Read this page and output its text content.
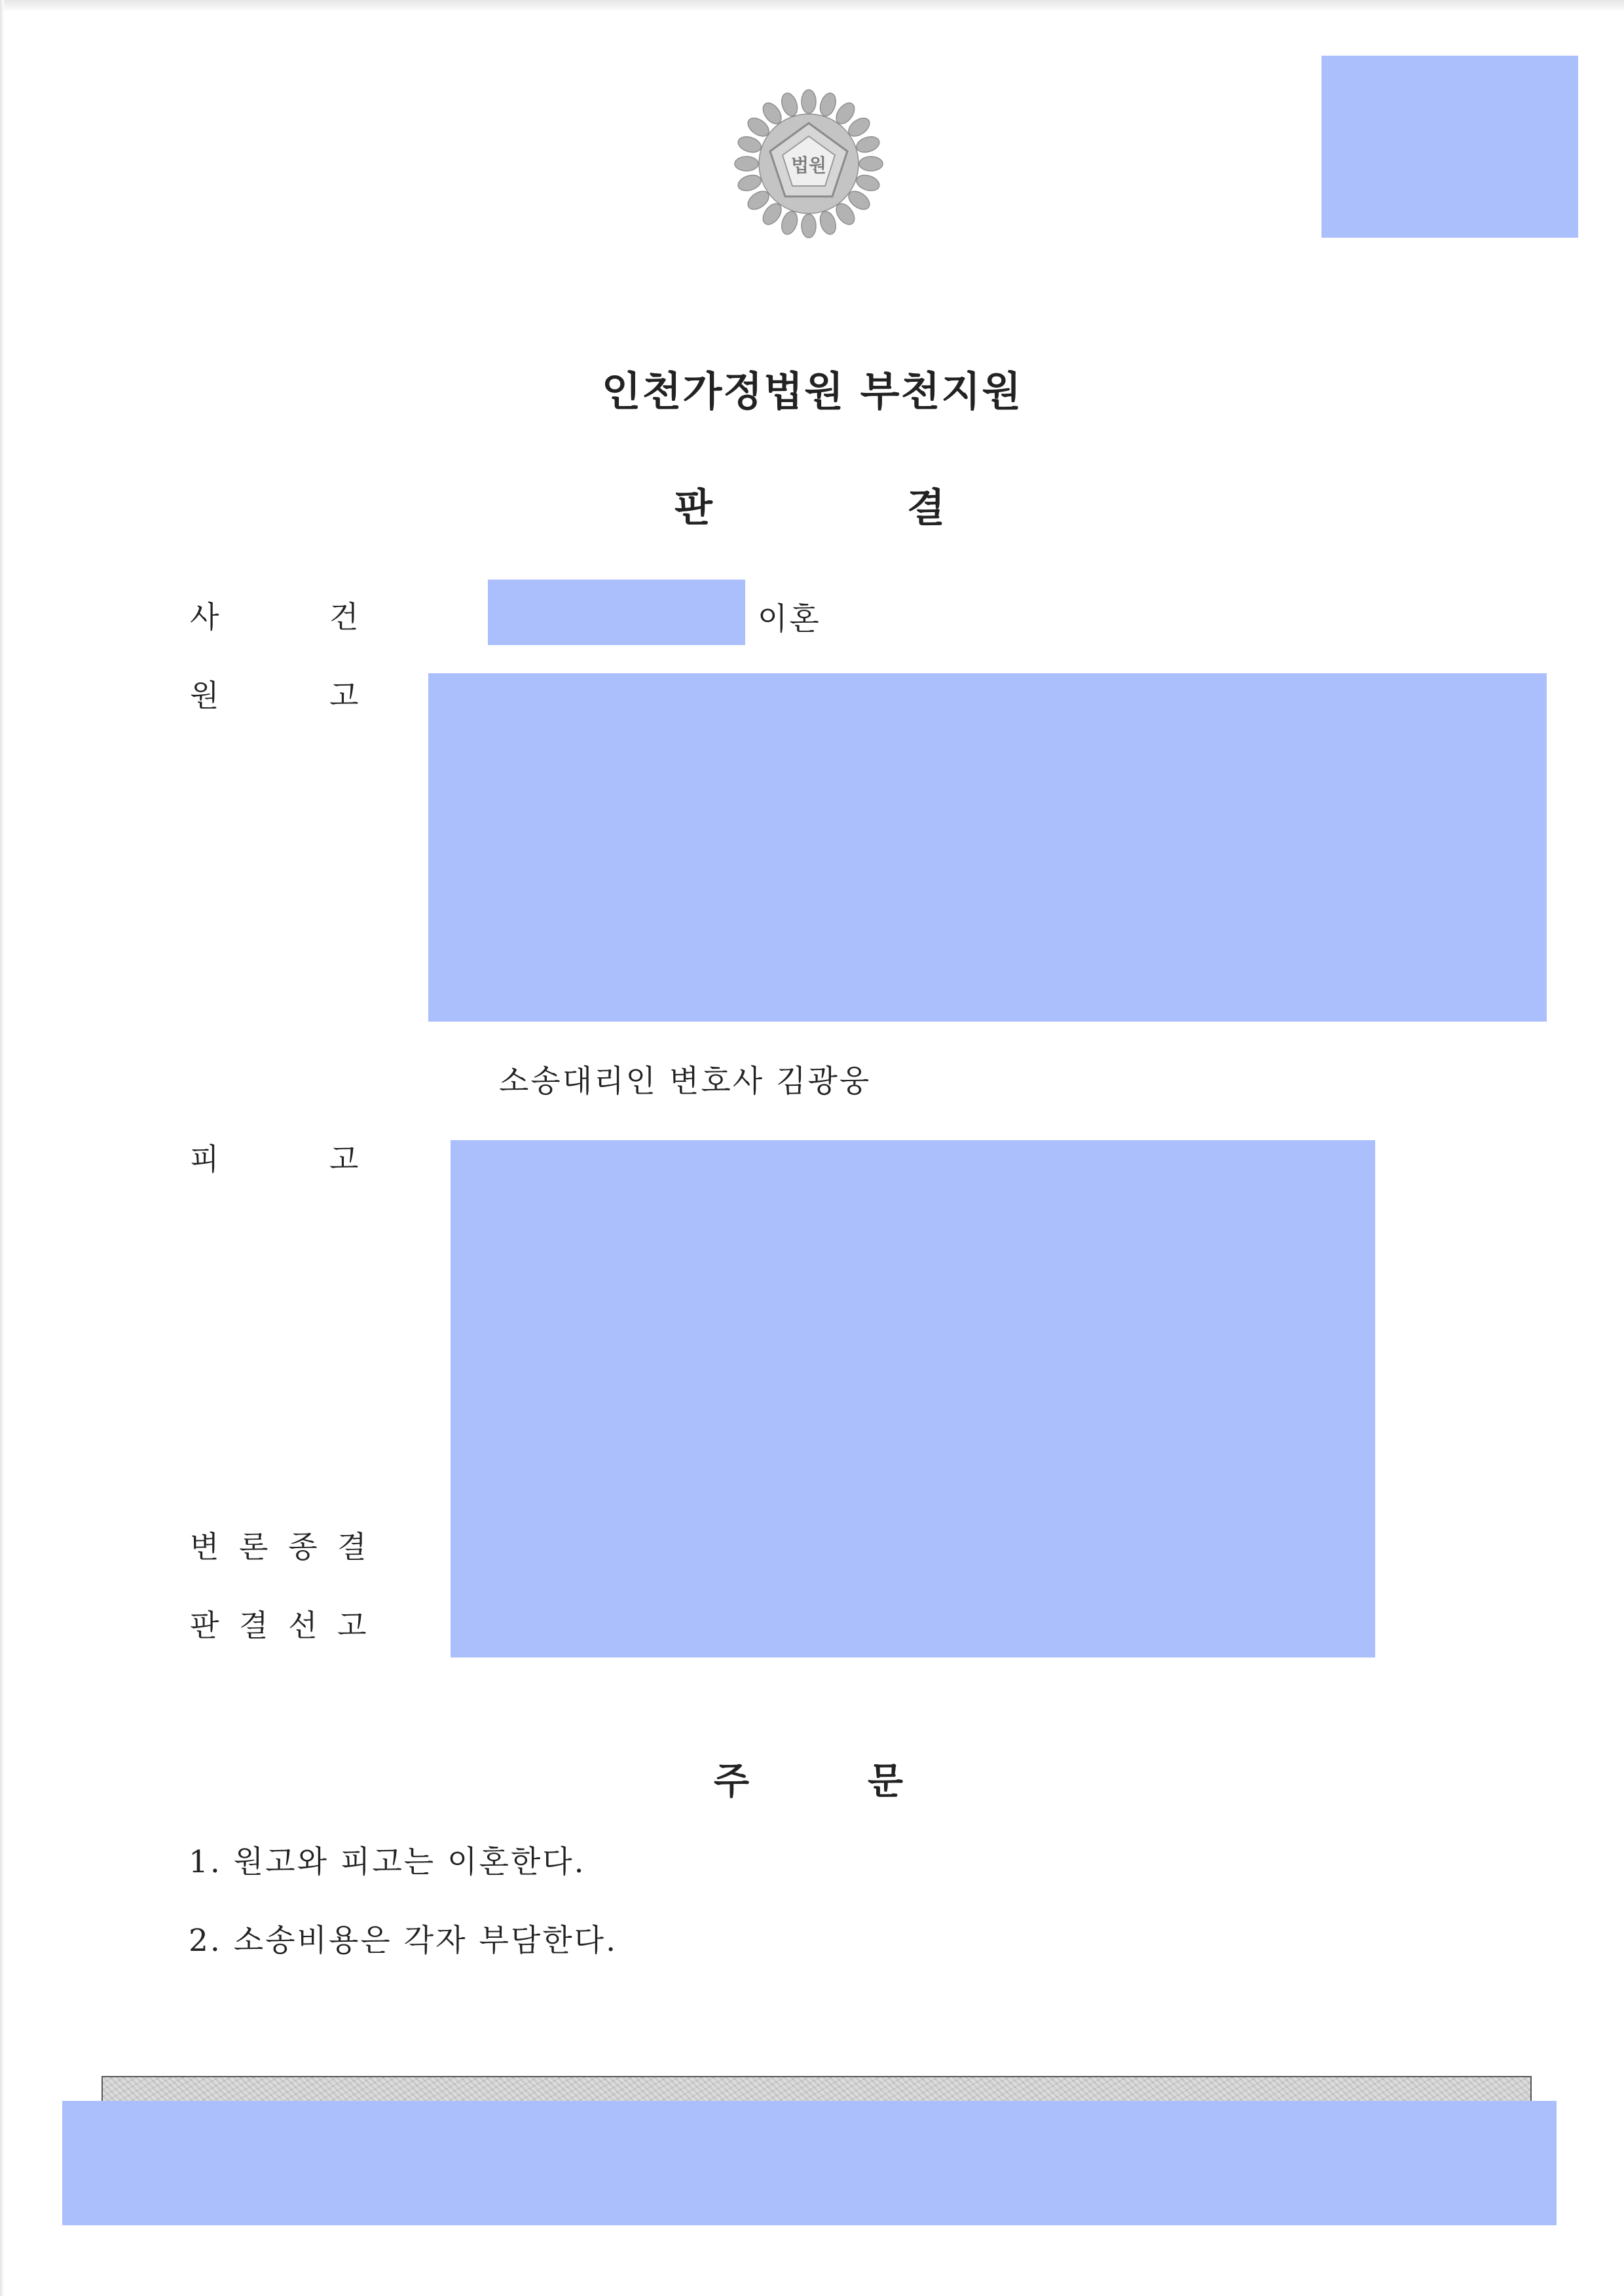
법원
인천가정법원 부천지원
판	결
사	건	이혼
원	고
소송대리인 변호사 김광웅
피	고
변 론 종 결
판 결 선 고
주	문
1. 원고와 피고는 이혼한다.
2. 소송비용은 각자 부담한다.
